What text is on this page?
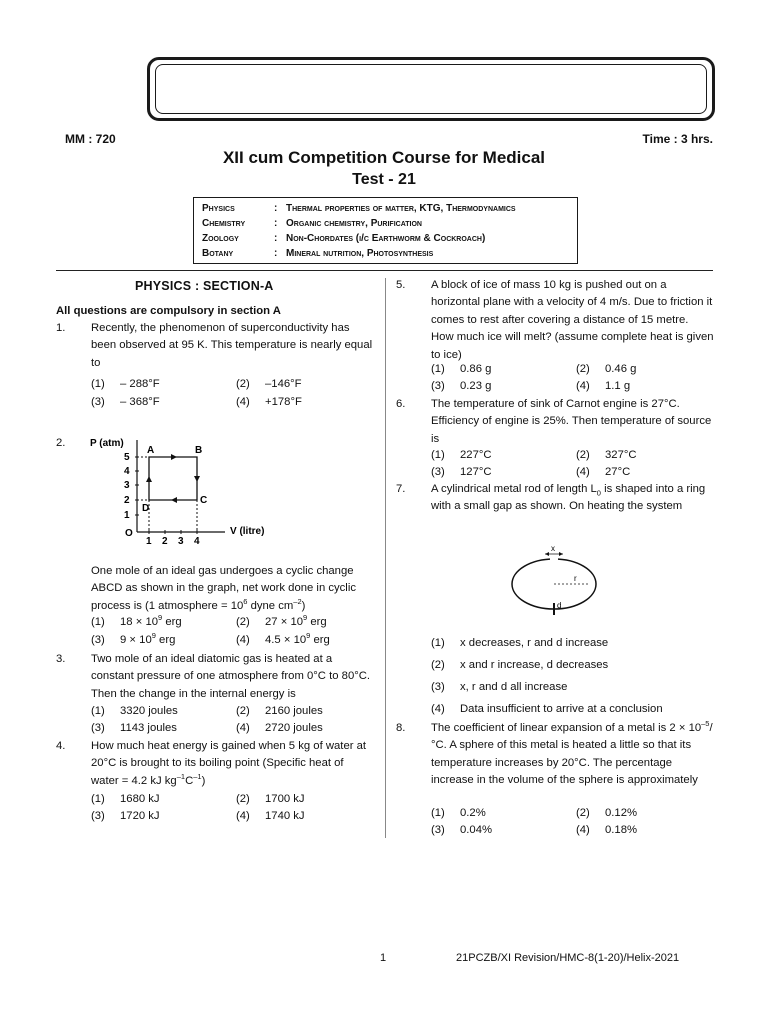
MM : 720	Time : 3 hrs.
XII cum Competition Course for Medical
Test - 21
Physics	: Thermal properties of matter, KTG, Thermodynamics
Chemistry	: Organic chemistry, Purification
Zoology	: Non-Chordates (i/c Earthworm & Cockroach)
Botany	: Mineral nutrition, Photosynthesis
PHYSICS : SECTION-A
All questions are compulsory in section A
1. Recently, the phenomenon of superconductivity has been observed at 95 K. This temperature is nearly equal to
(1) – 288°F	(2) –146°F
(3) – 368°F	(4) +178°F
2. P (atm)
V (litre)
O
5
4
3
2
1
1 2 3 4
A	B
C
D
One mole of an ideal gas undergoes a cyclic change ABCD as shown in the graph, net work done in cyclic process is (1 atmosphere = $10^6$ dyne $cm^{-2}$)
(1) $18 \times 10^9$ erg	(2) $27 \times 10^9$ erg
(3) $9 \times 10^9$ erg	(4) $4.5 \times 10^9$ erg
3. Two mole of an ideal diatomic gas is heated at a constant pressure of one atmosphere from 0°C to 80°C. Then the change in the internal energy is
(1) 3320 joules	(2) 2160 joules
(3) 1143 joules	(4) 2720 joules
4. How much heat energy is gained when 5 kg of water at 20°C is brought to its boiling point (Specific heat of water = 4.2 kJ $kg^{-1}C^{-1}$)
(1) 1680 kJ	(2) 1700 kJ
(3) 1720 kJ	(4) 1740 kJ
5. A block of ice of mass 10 kg is pushed out on a horizontal plane with a velocity of 4 m/s. Due to friction it comes to rest after covering a distance of 15 metre. How much ice will melt? (assume complete heat is given to ice)
(1) 0.86 g	(2) 0.46 g
(3) 0.23 g	(4) 1.1 g
6. The temperature of sink of Carnot engine is 27°C. Efficiency of engine is 25%. Then temperature of source is
(1) 227°C	(2) 327°C
(3) 127°C	(4) 27°C
7. A cylindrical metal rod of length $L_0$ is shaped into a ring with a small gap as shown. On heating the system
x
r
d
(1) x decreases, r and d increase
(2) x and r increase, d decreases
(3) x, r and d all increase
(4) Data insufficient to arrive at a conclusion
8. The coefficient of linear expansion of a metal is $2 \times 10^{-5}/^\circ C$. A sphere of this metal is heated a little so that its temperature increases by 20°C. The percentage increase in the volume of the sphere is approximately
(1) 0.2%	(2) 0.12%
(3) 0.04%	(4) 0.18%
1	21PCZB/XI Revision/HMC-8(1-20)/Helix-2021
